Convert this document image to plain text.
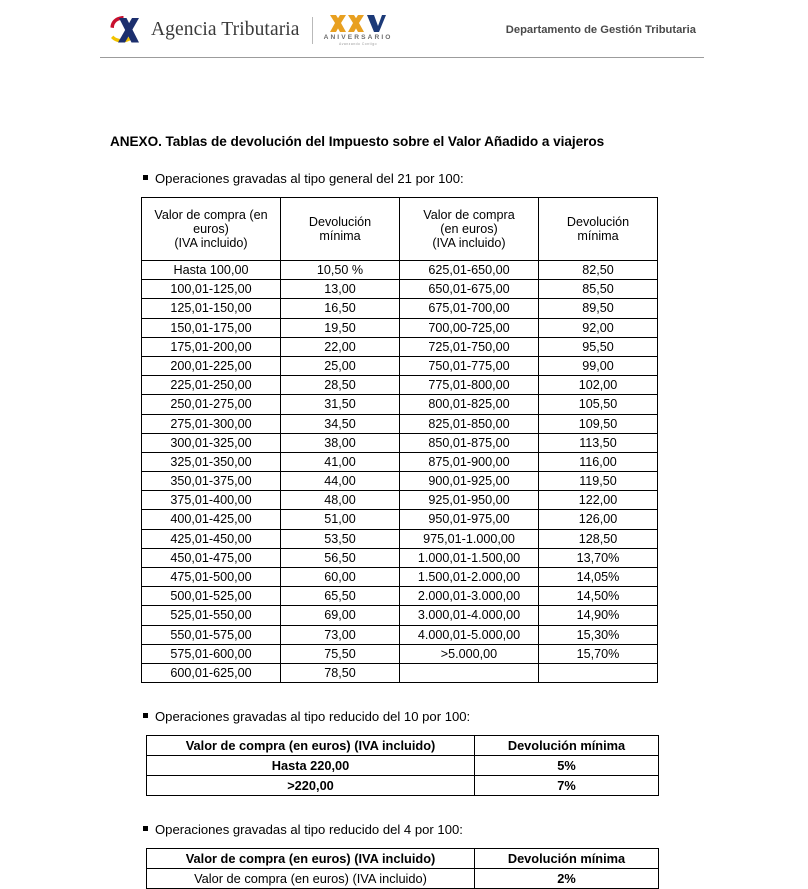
Agencia Tributaria	ANIVERSARIO
Avanzando Contigo
Departamento de Gestión Tributaria
ANEXO. Tablas de devolución del Impuesto sobre el Valor Añadido a viajeros
Operaciones gravadas al tipo general del 21 por 100:
Valor de compra (en
euros)
(IVA incluido)

Devolución
mínima

Valor de compra
(en euros)
(IVA incluido)

Devolución
mínima

Hasta 100,00	10,50 %	625,01-650,00	82,50
100,01-125,00	13,00	650,01-675,00	85,50
125,01-150,00	16,50	675,01-700,00	89,50
150,01-175,00	19,50	700,00-725,00	92,00
175,01-200,00	22,00	725,01-750,00	95,50
200,01-225,00	25,00	750,01-775,00	99,00
225,01-250,00	28,50	775,01-800,00	102,00
250,01-275,00	31,50	800,01-825,00	105,50
275,01-300,00	34,50	825,01-850,00	109,50
300,01-325,00	38,00	850,01-875,00	113,50
325,01-350,00	41,00	875,01-900,00	116,00
350,01-375,00	44,00	900,01-925,00	119,50
375,01-400,00	48,00	925,01-950,00	122,00
400,01-425,00	51,00	950,01-975,00	126,00
425,01-450,00	53,50	975,01-1.000,00	128,50
450,01-475,00	56,50	1.000,01-1.500,00	13,70%
475,01-500,00	60,00	1.500,01-2.000,00	14,05%
500,01-525,00	65,50	2.000,01-3.000,00	14,50%
525,01-550,00	69,00	3.000,01-4.000,00	14,90%
550,01-575,00	73,00	4.000,01-5.000,00	15,30%
575,01-600,00	75,50	>5.000,00	15,70%
600,01-625,00	78,50		
Operaciones gravadas al tipo reducido del 10 por 100:
Valor de compra (en euros) (IVA incluido)	Devolución mínima
Hasta 220,00	5%
>220,00	7%
Operaciones gravadas al tipo reducido del 4 por 100:
Valor de compra (en euros) (IVA incluido)	Devolución mínima
Valor de compra (en euros) (IVA incluido)	2%
